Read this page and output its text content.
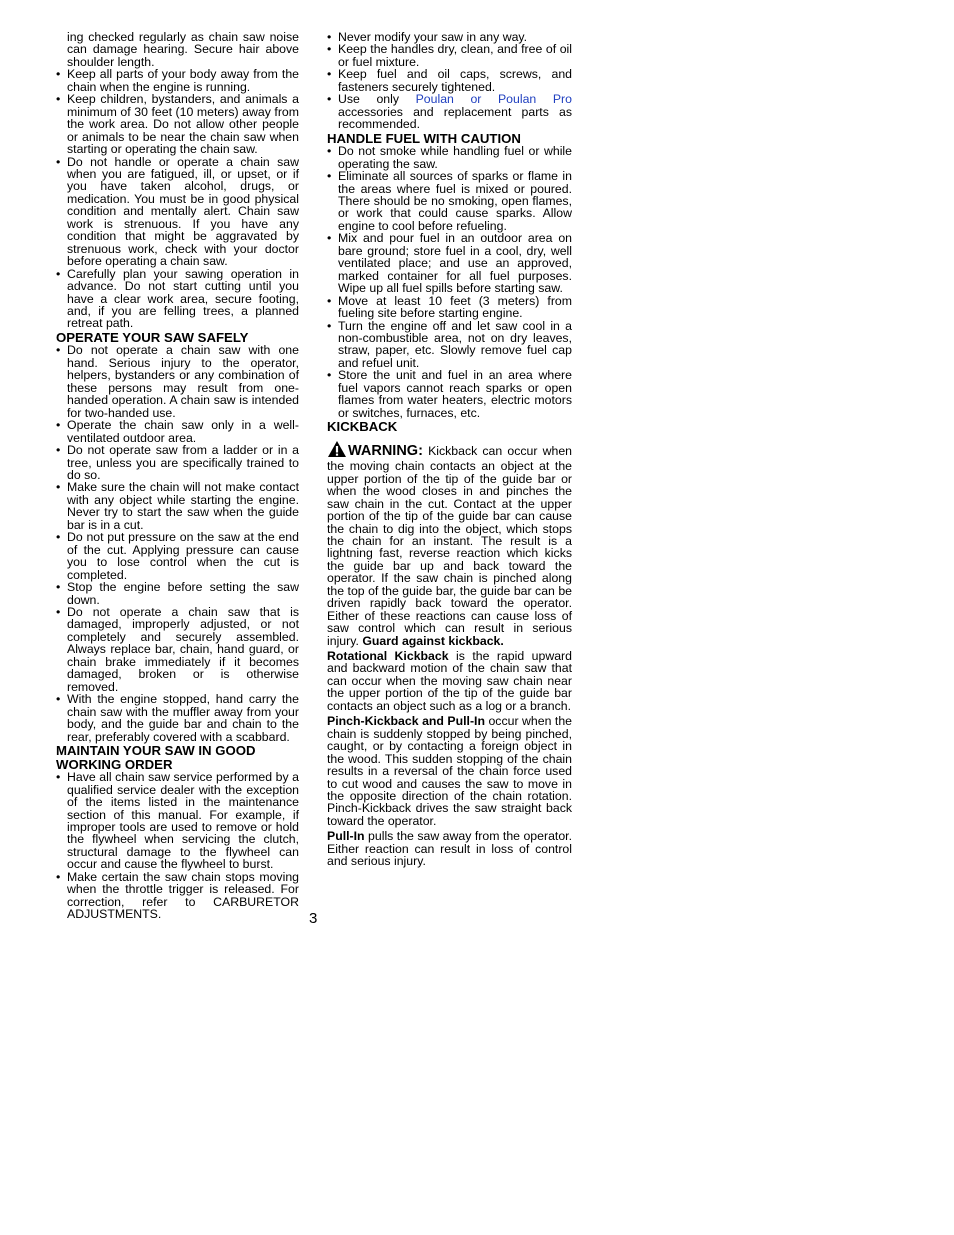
ing checked regularly as chain saw noise can damage hearing. Secure hair above shoulder length.

• Keep all parts of your body away from the chain when the engine is running.
• Keep children, bystanders, and animals a minimum of 30 feet (10 meters) away from the work area. Do not allow other people or animals to be near the chain saw when starting or operating the chain saw.
• Do not handle or operate a chain saw when you are fatigued, ill, or upset, or if you have taken alcohol, drugs, or medication. You must be in good physical condition and mentally alert. Chain saw work is strenuous. If you have any condition that might be aggravated by strenuous work, check with your doctor before operating a chain saw.
• Carefully plan your sawing operation in advance. Do not start cutting until you have a clear work area, secure footing, and, if you are felling trees, a planned retreat path.
OPERATE YOUR SAW SAFELY
• Do not operate a chain saw with one hand. Serious injury to the operator, helpers, bystanders or any combination of these persons may result from one-handed operation. A chain saw is intended for two-handed use.
• Operate the chain saw only in a well-ventilated outdoor area.
• Do not operate saw from a ladder or in a tree, unless you are specifically trained to do so.
• Make sure the chain will not make contact with any object while starting the engine. Never try to start the saw when the guide bar is in a cut.
• Do not put pressure on the saw at the end of the cut. Applying pressure can cause you to lose control when the cut is completed.
• Stop the engine before setting the saw down.
• Do not operate a chain saw that is damaged, improperly adjusted, or not completely and securely assembled. Always replace bar, chain, hand guard, or chain brake immediately if it becomes damaged, broken or is otherwise removed.
• With the engine stopped, hand carry the chain saw with the muffler away from your body, and the guide bar and chain to the rear, preferably covered with a scabbard.
MAINTAIN YOUR SAW IN GOOD WORKING ORDER
• Have all chain saw service performed by a qualified service dealer with the exception of the items listed in the maintenance section of this manual. For example, if improper tools are used to remove or hold the flywheel when servicing the clutch, structural damage to the flywheel can occur and cause the flywheel to burst.
• Make certain the saw chain stops moving when the throttle trigger is released. For correction, refer to CARBURETOR ADJUSTMENTS.
• Never modify your saw in any way.
• Keep the handles dry, clean, and free of oil or fuel mixture.
• Keep fuel and oil caps, screws, and fasteners securely tightened.
• Use only Poulan or Poulan Pro accessories and replacement parts as recommended.
HANDLE FUEL WITH CAUTION
• Do not smoke while handling fuel or while operating the saw.
• Eliminate all sources of sparks or flame in the areas where fuel is mixed or poured. There should be no smoking, open flames, or work that could cause sparks. Allow engine to cool before refueling.
• Mix and pour fuel in an outdoor area on bare ground; store fuel in a cool, dry, well ventilated place; and use an approved, marked container for all fuel purposes. Wipe up all fuel spills before starting saw.
• Move at least 10 feet (3 meters) from fueling site before starting engine.
• Turn the engine off and let saw cool in a non-combustible area, not on dry leaves, straw, paper, etc. Slowly remove fuel cap and refuel unit.
• Store the unit and fuel in an area where fuel vapors cannot reach sparks or open flames from water heaters, electric motors or switches, furnaces, etc.
KICKBACK

WARNING: Kickback can occur when the moving chain contacts an object at the upper portion of the tip of the guide bar or when the wood closes in and pinches the saw chain in the cut. Contact at the upper portion of the tip of the guide bar can cause the chain to dig into the object, which stops the chain for an instant. The result is a lightning fast, reverse reaction which kicks the guide bar up and back toward the operator. If the saw chain is pinched along the top of the guide bar, the guide bar can be driven rapidly back toward the operator. Either of these reactions can cause loss of saw control which can result in serious injury. Guard against kickback.

Rotational Kickback is the rapid upward and backward motion of the chain saw that can occur when the moving saw chain near the upper portion of the tip of the guide bar contacts an object such as a log or a branch.

Pinch-Kickback and Pull-In occur when the chain is suddenly stopped by being pinched, caught, or by contacting a foreign object in the wood. This sudden stopping of the chain results in a reversal of the chain force used to cut wood and causes the saw to move in the opposite direction of the chain rotation. Pinch-Kickback drives the saw straight back toward the operator.

Pull-In pulls the saw away from the operator. Either reaction can result in loss of control and serious injury.

3
